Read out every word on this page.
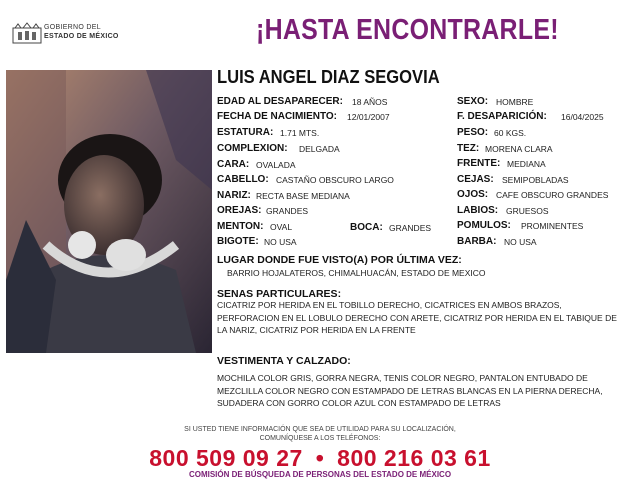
GOBIERNO DEL
ESTADO DE MÉXICO	¡HASTA ENCONTRARLE!
LUIS ANGEL DIAZ SEGOVIA
EDAD AL DESAPARECER: 18 AÑOS
FECHA DE NACIMIENTO: 12/01/2007
ESTATURA: 1.71 MTS.
COMPLEXION: DELGADA
CARA: OVALADA
CABELLO: CASTAÑO OBSCURO LARGO
NARIZ: RECTA BASE MEDIANA
OREJAS: GRANDES
MENTON: OVAL	BOCA: GRANDES
BIGOTE: NO USA
SEXO: HOMBRE
F. DESAPARICIÓN: 16/04/2025
PESO: 60 KGS.
TEZ: MORENA CLARA
FRENTE: MEDIANA
CEJAS: SEMIPOBLADAS
OJOS: CAFE OBSCURO GRANDES
LABIOS: GRUESOS
POMULOS: PROMINENTES
BARBA: NO USA
LUGAR DONDE FUE VISTO(A) POR ÚLTIMA VEZ:
BARRIO HOJALATEROS, CHIMALHUACÁN, ESTADO DE MEXICO
SENAS PARTICULARES:
CICATRIZ POR HERIDA EN EL TOBILLO DERECHO, CICATRICES EN AMBOS BRAZOS, PERFORACION EN EL LOBULO DERECHO CON ARETE, CICATRIZ POR HERIDA EN EL TABIQUE DE LA NARIZ, CICATRIZ POR HERIDA EN LA FRENTE
VESTIMENTA Y CALZADO:
MOCHILA COLOR GRIS, GORRA NEGRA, TENIS COLOR NEGRO, PANTALON ENTUBADO DE MEZCLILLA COLOR NEGRO CON ESTAMPADO DE LETRAS BLANCAS EN LA PIERNA DERECHA, SUDADERA CON GORRO COLOR AZUL CON ESTAMPADO DE LETRAS
SI USTED TIENE INFORMACIÓN QUE SEA DE UTILIDAD PARA SU LOCALIZACIÓN,
COMUNÍQUESE A LOS TELÉFONOS:
800 509 09 27 • 800 216 03 61
COMISIÓN DE BÚSQUEDA DE PERSONAS DEL ESTADO DE MÉXICO
